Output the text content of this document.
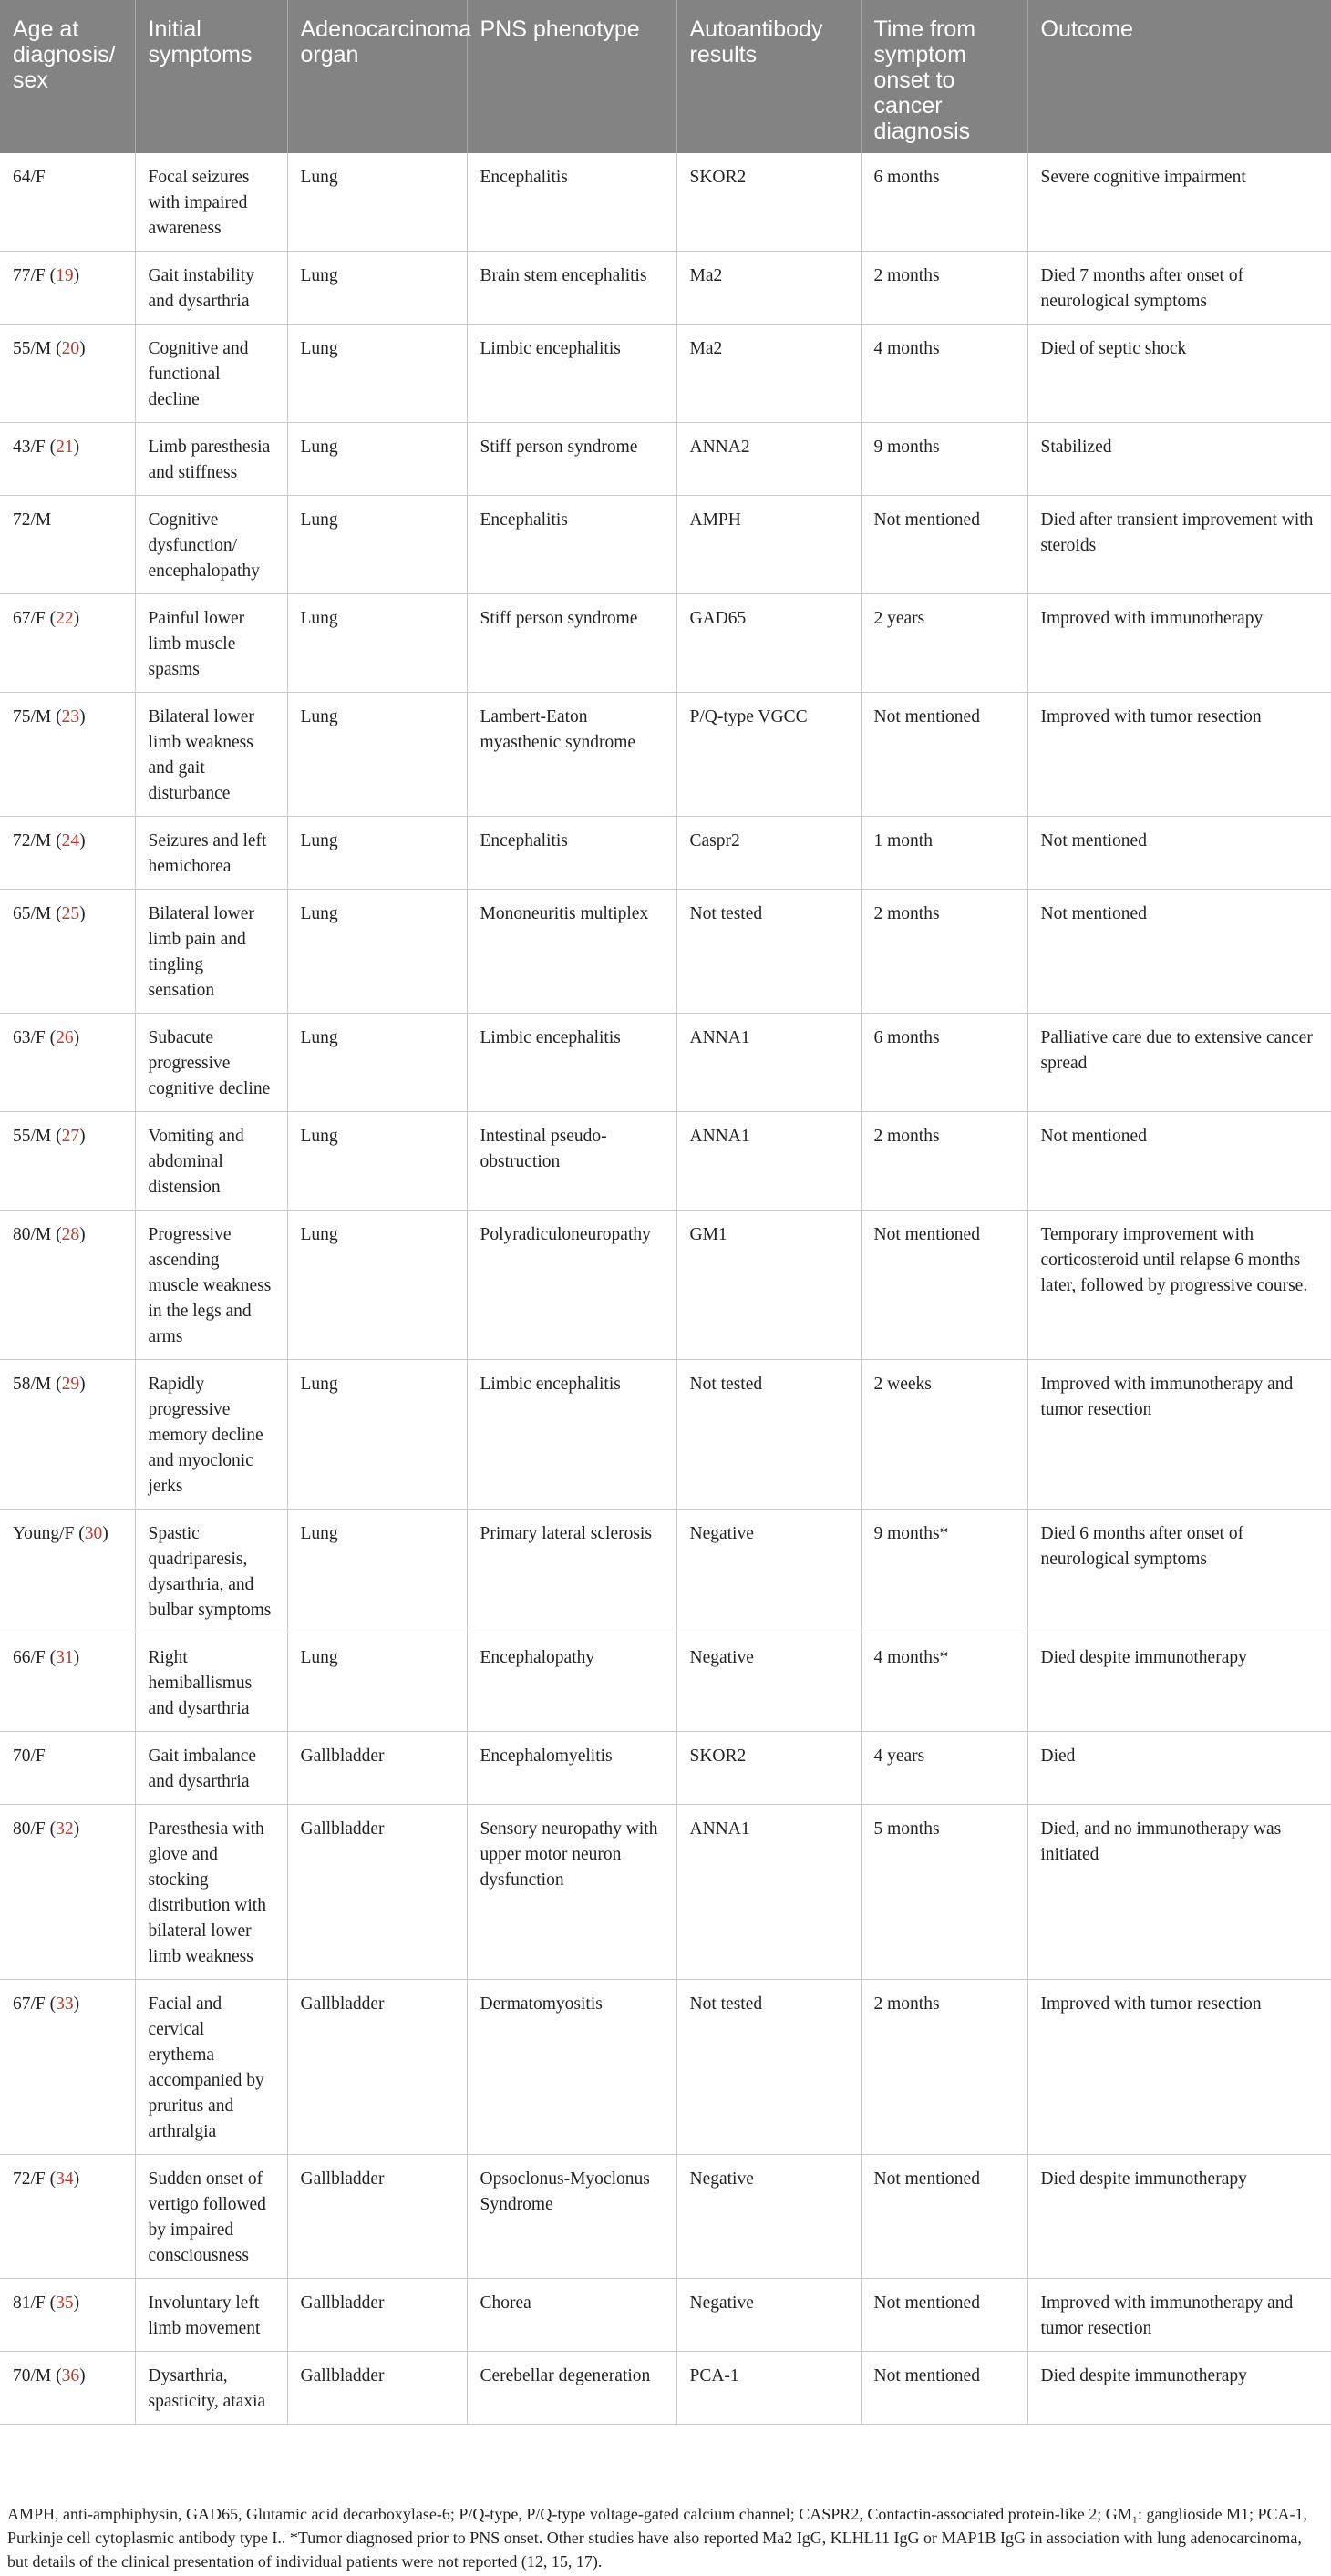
Age at diagnosis/ sex	Initial symptoms	Adenocarcinoma organ	PNS phenotype	Autoantibody results	Time from symptom onset to cancer diagnosis	Outcome
64/F	Focal seizures with impaired awareness	Lung	Encephalitis	SKOR2	6 months	Severe cognitive impairment
77/F (19)	Gait instability and dysarthria	Lung	Brain stem encephalitis	Ma2	2 months	Died 7 months after onset of neurological symptoms
55/M (20)	Cognitive and functional decline	Lung	Limbic encephalitis	Ma2	4 months	Died of septic shock
43/F (21)	Limb paresthesia and stiffness	Lung	Stiff person syndrome	ANNA2	9 months	Stabilized
72/M	Cognitive dysfunction/ encephalopathy	Lung	Encephalitis	AMPH	Not mentioned	Died after transient improvement with steroids
67/F (22)	Painful lower limb muscle spasms	Lung	Stiff person syndrome	GAD65	2 years	Improved with immunotherapy
75/M (23)	Bilateral lower limb weakness and gait disturbance	Lung	Lambert-Eaton myasthenic syndrome	P/Q-type VGCC	Not mentioned	Improved with tumor resection
72/M (24)	Seizures and left hemichorea	Lung	Encephalitis	Caspr2	1 month	Not mentioned
65/M (25)	Bilateral lower limb pain and tingling sensation	Lung	Mononeuritis multiplex	Not tested	2 months	Not mentioned
63/F (26)	Subacute progressive cognitive decline	Lung	Limbic encephalitis	ANNA1	6 months	Palliative care due to extensive cancer spread
55/M (27)	Vomiting and abdominal distension	Lung	Intestinal pseudo-obstruction	ANNA1	2 months	Not mentioned
80/M (28)	Progressive ascending muscle weakness in the legs and arms	Lung	Polyradiculoneuropathy	GM1	Not mentioned	Temporary improvement with corticosteroid until relapse 6 months later, followed by progressive course.
58/M (29)	Rapidly progressive memory decline and myoclonic jerks	Lung	Limbic encephalitis	Not tested	2 weeks	Improved with immunotherapy and tumor resection
Young/F (30)	Spastic quadriparesis, dysarthria, and bulbar symptoms	Lung	Primary lateral sclerosis	Negative	9 months*	Died 6 months after onset of neurological symptoms
66/F (31)	Right hemiballismus and dysarthria	Lung	Encephalopathy	Negative	4 months*	Died despite immunotherapy
70/F	Gait imbalance and dysarthria	Gallbladder	Encephalomyelitis	SKOR2	4 years	Died
80/F (32)	Paresthesia with glove and stocking distribution with bilateral lower limb weakness	Gallbladder	Sensory neuropathy with upper motor neuron dysfunction	ANNA1	5 months	Died, and no immunotherapy was initiated
67/F (33)	Facial and cervical erythema accompanied by pruritus and arthralgia	Gallbladder	Dermatomyositis	Not tested	2 months	Improved with tumor resection
72/F (34)	Sudden onset of vertigo followed by impaired consciousness	Gallbladder	Opsoclonus-Myoclonus Syndrome	Negative	Not mentioned	Died despite immunotherapy
81/F (35)	Involuntary left limb movement	Gallbladder	Chorea	Negative	Not mentioned	Improved with immunotherapy and tumor resection
70/M (36)	Dysarthria, spasticity, ataxia	Gallbladder	Cerebellar degeneration	PCA-1	Not mentioned	Died despite immunotherapy
AMPH, anti-amphiphysin, GAD65, Glutamic acid decarboxylase-6; P/Q-type, P/Q-type voltage-gated calcium channel; CASPR2, Contactin-associated protein-like 2; GM₁: ganglioside M1; PCA-1, Purkinje cell cytoplasmic antibody type I.. *Tumor diagnosed prior to PNS onset. Other studies have also reported Ma2 IgG, KLHL11 IgG or MAP1B IgG in association with lung adenocarcinoma, but details of the clinical presentation of individual patients were not reported (12, 15, 17).
